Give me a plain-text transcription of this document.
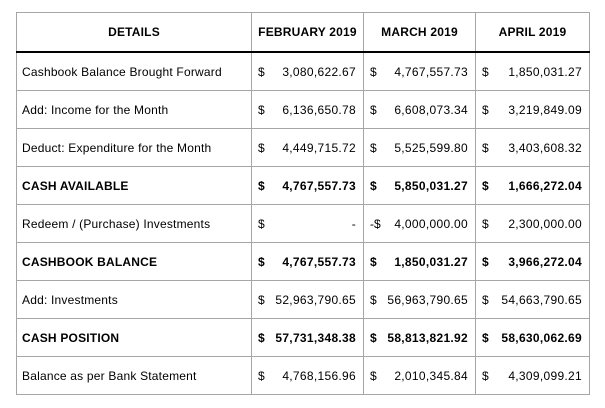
DETAILS	FEBRUARY 2019	MARCH 2019	APRIL 2019
Cashbook Balance Brought Forward	$ 3,080,622.67	$ 4,767,557.73	$ 1,850,031.27

Add: Income for the Month	$ 6,136,650.78	$ 6,608,073.34	$ 3,219,849.09

Deduct: Expenditure for the Month	$ 4,449,715.72	$ 5,525,599.80	$ 3,403,608.32

CASH AVAILABLE	$ 4,767,557.73	$ 5,850,031.27	$ 1,666,272.04

Redeem / (Purchase) Investments	$ -	-$ 4,000,000.00	$ 2,300,000.00

CASHBOOK BALANCE	$ 4,767,557.73	$ 1,850,031.27	$ 3,966,272.04

Add: Investments	$ 52,963,790.65	$ 56,963,790.65	$ 54,663,790.65

CASH POSITION	$ 57,731,348.38	$ 58,813,821.92	$ 58,630,062.69

Balance as per Bank Statement	$ 4,768,156.96	$ 2,010,345.84	$ 4,309,099.21
